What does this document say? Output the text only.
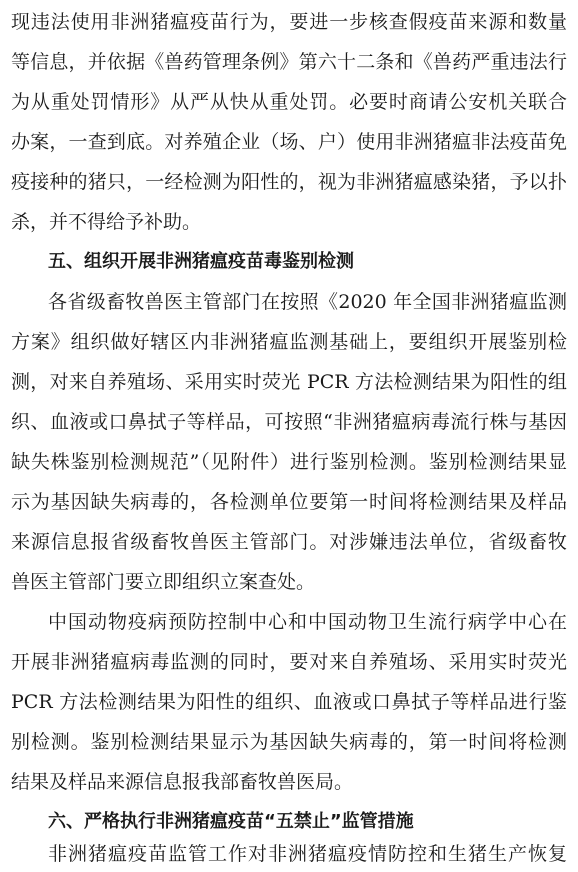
现违法使用非洲猪瘟疫苗行为，要进一步核查假疫苗来源和数量
等信息，并依据《兽药管理条例》第六十二条和《兽药严重违法行
为从重处罚情形》从严从快从重处罚。必要时商请公安机关联合
办案，一查到底。对养殖企业（场、户）使用非洲猪瘟非法疫苗免
疫接种的猪只，一经检测为阳性的，视为非洲猪瘟感染猪，予以扑
杀，并不得给予补助。
五、组织开展非洲猪瘟疫苗毒鉴别检测
各省级畜牧兽医主管部门在按照《2020 年全国非洲猪瘟监测
方案》组织做好辖区内非洲猪瘟监测基础上，要组织开展鉴别检
测，对来自养殖场、采用实时荧光 PCR 方法检测结果为阳性的组
织、血液或口鼻拭子等样品，可按照“非洲猪瘟病毒流行株与基因
缺失株鉴别检测规范”（见附件）进行鉴别检测。鉴别检测结果显
示为基因缺失病毒的，各检测单位要第一时间将检测结果及样品
来源信息报省级畜牧兽医主管部门。对涉嫌违法单位，省级畜牧
兽医主管部门要立即组织立案查处。
中国动物疫病预防控制中心和中国动物卫生流行病学中心在
开展非洲猪瘟病毒监测的同时，要对来自养殖场、采用实时荧光
PCR 方法检测结果为阳性的组织、血液或口鼻拭子等样品进行鉴
别检测。鉴别检测结果显示为基因缺失病毒的，第一时间将检测
结果及样品来源信息报我部畜牧兽医局。
六、严格执行非洲猪瘟疫苗“五禁止”监管措施
非洲猪瘟疫苗监管工作对非洲猪瘟疫情防控和生猪生产恢复
